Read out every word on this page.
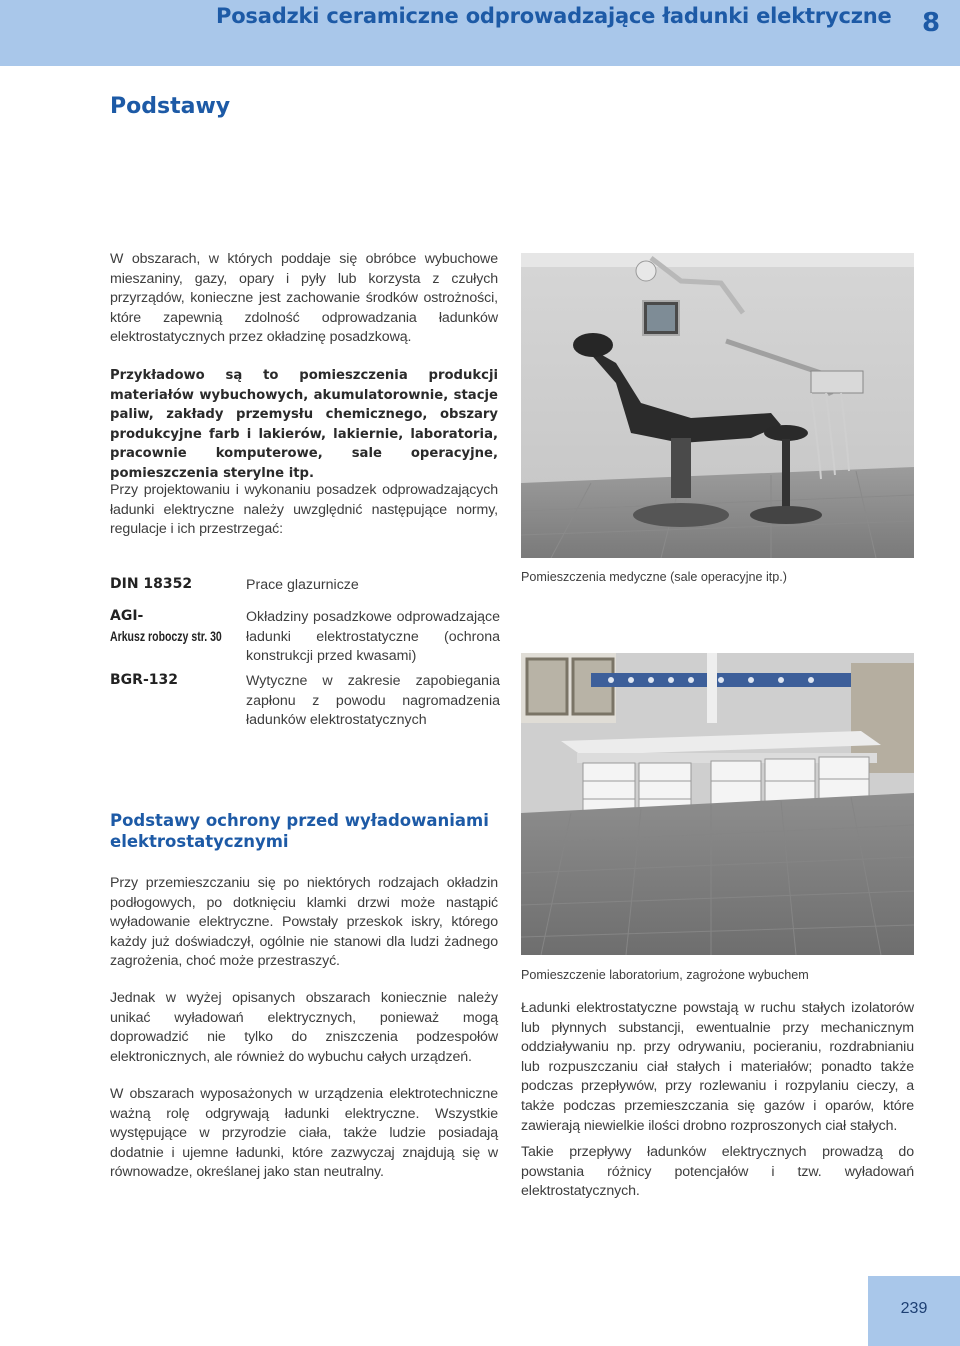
Posadzki ceramiczne odprowadzające ładunki elektryczne 8
Podstawy
W obszarach, w których poddaje się obróbce wybuchowe mieszaniny, gazy, opary i pyły lub korzysta z czułych przyrządów, konieczne jest zachowanie środków ostrożności, które zapewnią zdolność odprowadzania ładunków elektrostatycznych przez okładzinę posadzkową.
Przykładowo są to pomieszczenia produkcji materiałów wybuchowych, akumulatorownie, stacje paliw, zakłady przemysłu chemicznego, obszary produkcyjne farb i lakierów, lakiernie, laboratoria, pracownie komputerowe, sale operacyjne, pomieszczenia sterylne itp.
Przy projektowaniu i wykonaniu posadzek odprowadzających ładunki elektryczne należy uwzględnić następujące normy, regulacje i ich przestrzegać:
DIN 18352	Prace glazurnicze
AGI-
Arkusz roboczy str. 30
Okładziny posadzkowe odprowadzające ładunki elektrostatyczne (ochrona konstrukcji przed kwasami)
BGR-132	Wytyczne w zakresie zapobiegania zapłonu z powodu nagromadzenia ładunków elektrostatycznych
Podstawy ochrony przed wyładowaniami elektrostatycznymi
Przy przemieszczaniu się po niektórych rodzajach okładzin podłogowych, po dotknięciu klamki drzwi może nastąpić wyładowanie elektryczne. Powstały przeskok iskry, którego każdy już doświadczył, ogólnie nie stanowi dla ludzi żadnego zagrożenia, choć może przestraszyć.
Jednak w wyżej opisanych obszarach koniecznie należy unikać wyładowań elektrycznych, ponieważ mogą doprowadzić nie tylko do zniszczenia podzespołów elektronicznych, ale również do wybuchu całych urządzeń.
W obszarach wyposażonych w urządzenia elektrotechniczne ważną rolę odgrywają ładunki elektryczne. Wszystkie występujące w przyrodzie ciała, także ludzie posiadają dodatnie i ujemne ładunki, które zazwyczaj znajdują się w równowadze, określanej jako stan neutralny.
Pomieszczenia medyczne (sale operacyjne itp.)
Pomieszczenie laboratorium, zagrożone wybuchem
Ładunki elektrostatyczne powstają w ruchu stałych izolatorów lub płynnych substancji, ewentualnie przy mechanicznym oddziaływaniu np. przy odrywaniu, pocieraniu, rozdrabnianiu lub rozpuszczaniu ciał stałych i materiałów; ponadto także podczas przepływów, przy rozlewaniu i rozpylaniu cieczy, a także podczas przemieszczania się gazów i oparów, które zawierają niewielkie ilości drobno rozproszonych ciał stałych.
Takie przepływy ładunków elektrycznych prowadzą do powstania różnicy potencjałów i tzw. wyładowań elektrostatycznych.
239
